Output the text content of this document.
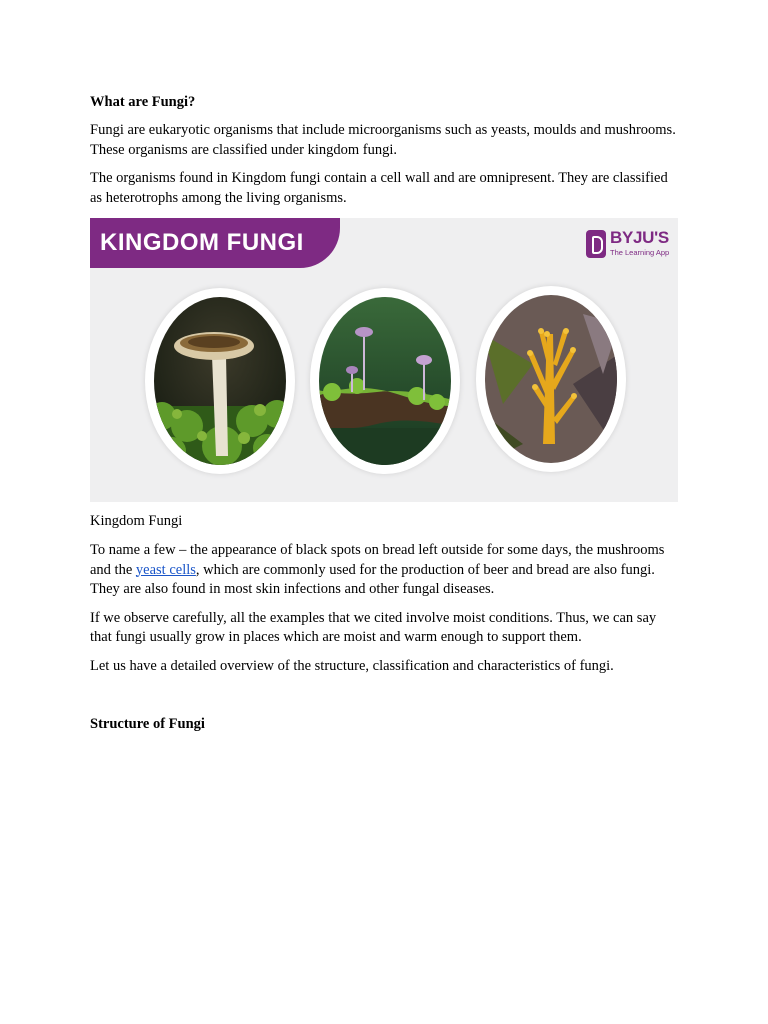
What are Fungi?

Fungi are eukaryotic organisms that include microorganisms such as yeasts, moulds and mushrooms. These organisms are classified under kingdom fungi.

The organisms found in Kingdom fungi contain a cell wall and are omnipresent. They are classified as heterotrophs among the living organisms.

KINGDOM FUNGI	BYJU'S
The Learning App

Kingdom Fungi

To name a few – the appearance of black spots on bread left outside for some days, the mushrooms and the yeast cells, which are commonly used for the production of beer and bread are also fungi. They are also found in most skin infections and other fungal diseases.

If we observe carefully, all the examples that we cited involve moist conditions. Thus, we can say that fungi usually grow in places which are moist and warm enough to support them.

Let us have a detailed overview of the structure, classification and characteristics of fungi.

Structure of Fungi
